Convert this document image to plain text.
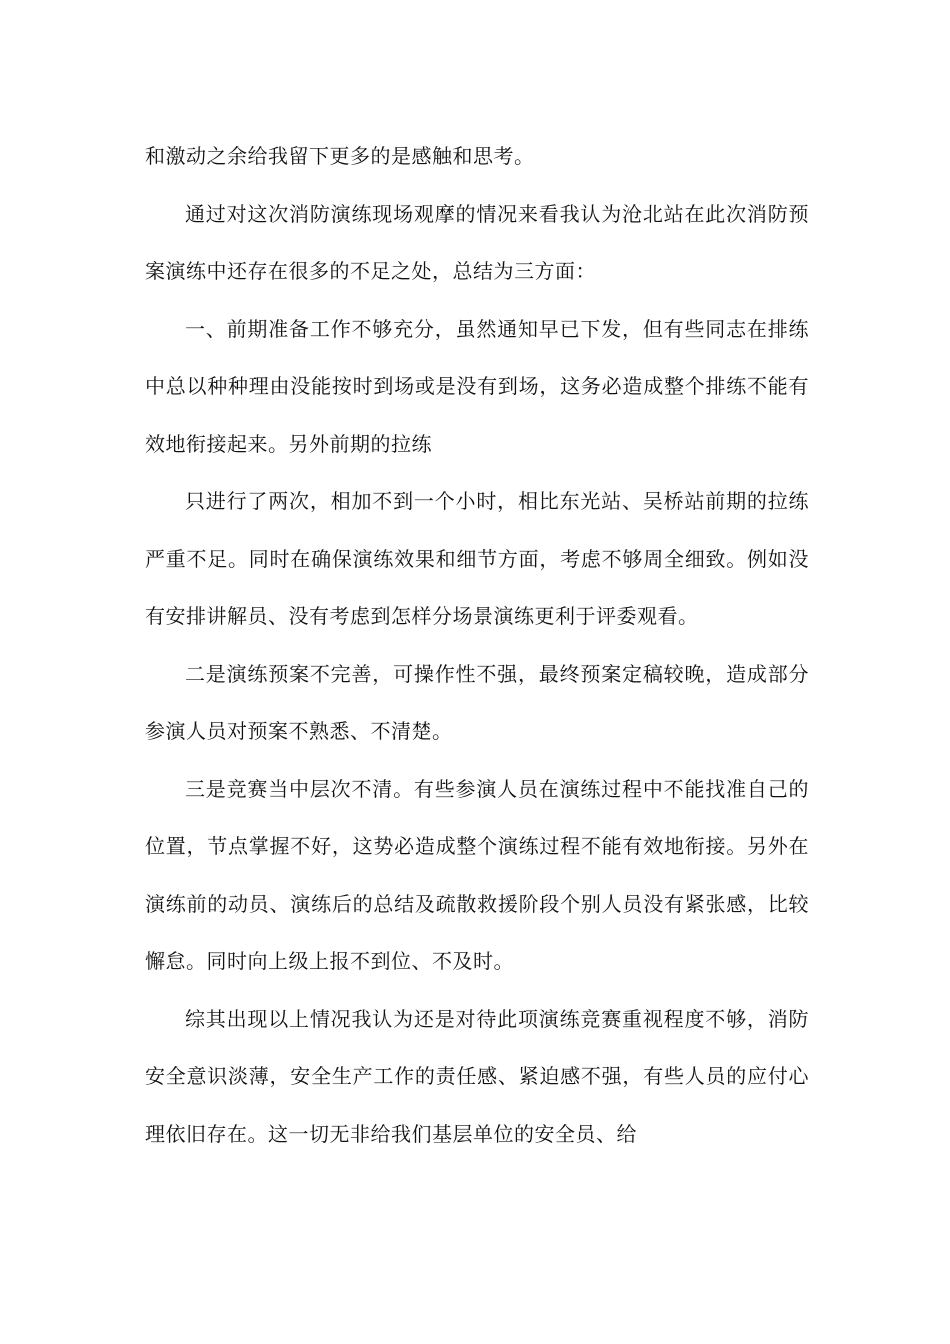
和激动之余给我留下更多的是感触和思考。

通过对这次消防演练现场观摩的情况来看我认为沧北站在此次消防预案演练中还存在很多的不足之处，总结为三方面：

一、前期准备工作不够充分，虽然通知早已下发，但有些同志在排练中总以种种理由没能按时到场或是没有到场，这务必造成整个排练不能有效地衔接起来。另外前期的拉练

只进行了两次，相加不到一个小时，相比东光站、吴桥站前期的拉练严重不足。同时在确保演练效果和细节方面，考虑不够周全细致。例如没有安排讲解员、没有考虑到怎样分场景演练更利于评委观看。

二是演练预案不完善，可操作性不强，最终预案定稿较晚，造成部分参演人员对预案不熟悉、不清楚。

三是竞赛当中层次不清。有些参演人员在演练过程中不能找准自己的位置，节点掌握不好，这势必造成整个演练过程不能有效地衔接。另外在演练前的动员、演练后的总结及疏散救援阶段个别人员没有紧张感，比较懈怠。同时向上级上报不到位、不及时。

综其出现以上情况我认为还是对待此项演练竞赛重视程度不够，消防安全意识淡薄，安全生产工作的责任感、紧迫感不强，有些人员的应付心理依旧存在。这一切无非给我们基层单位的安全员、给
